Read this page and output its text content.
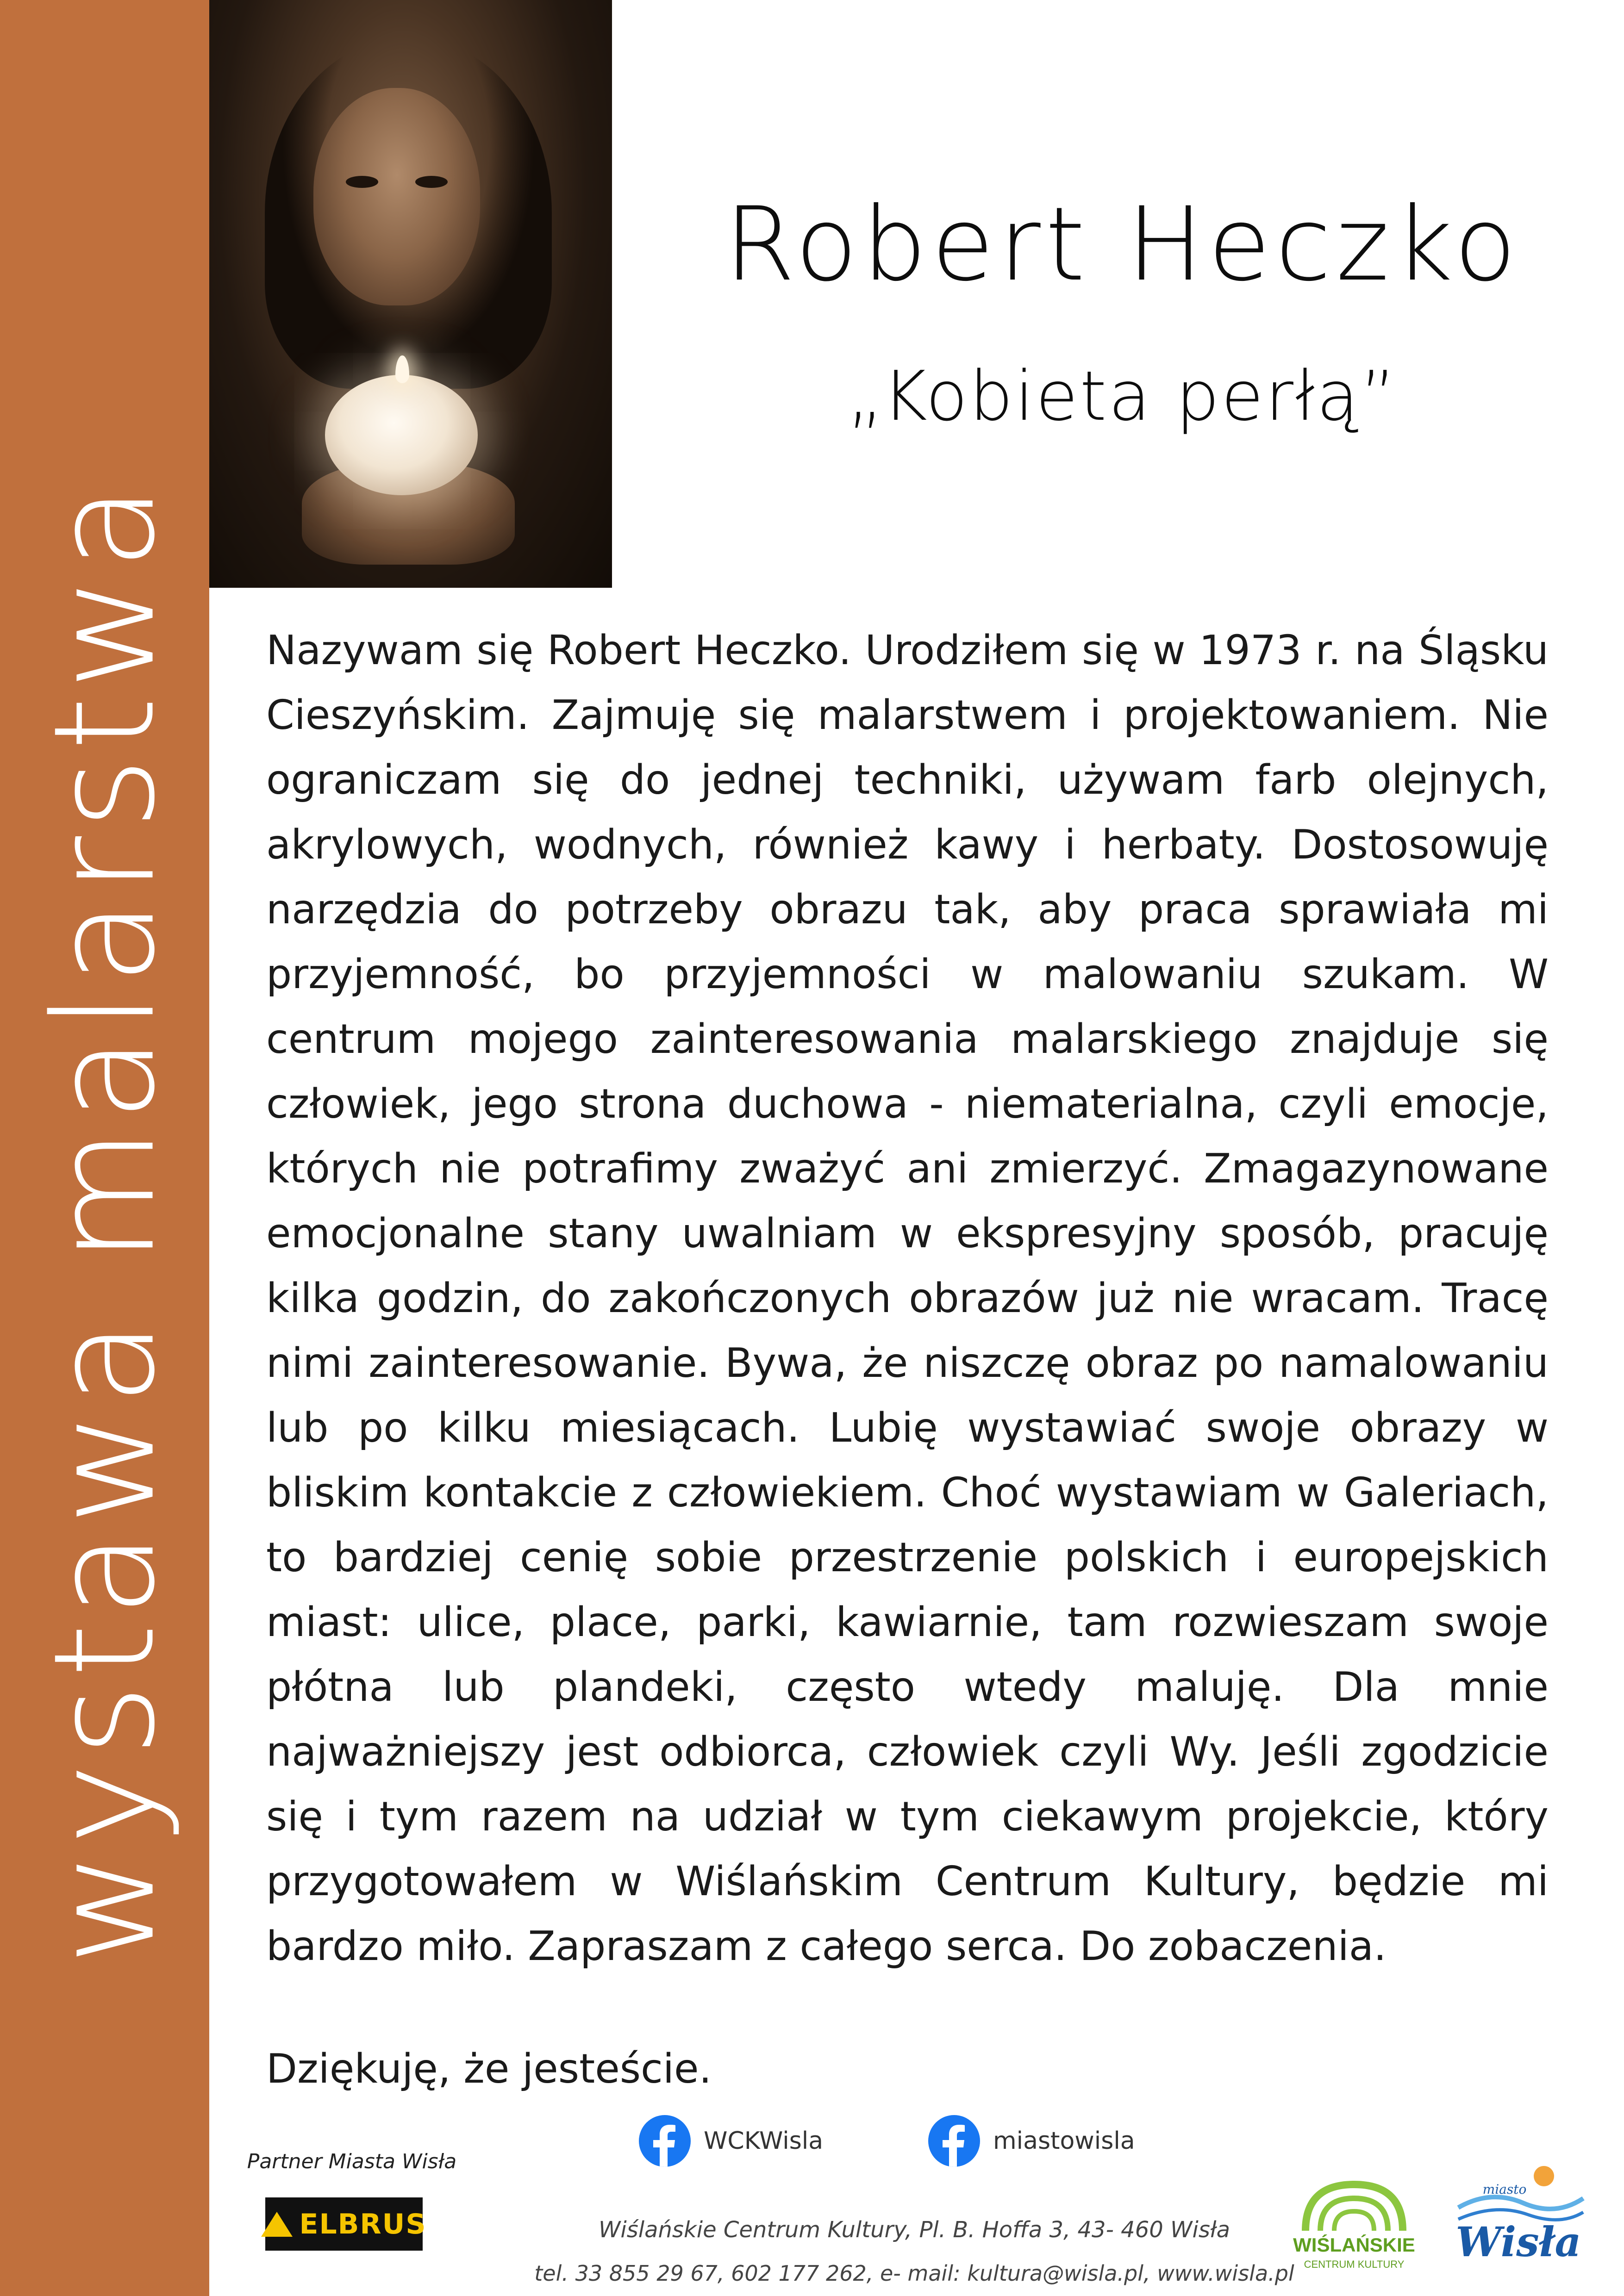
wystawa malarstwa
Robert Heczko
„Kobieta perłą”

Nazywam się Robert Heczko. Urodziłem się w 1973 r. na Śląsku Cieszyńskim. Zajmuję się malarstwem i projektowaniem. Nie ograniczam się do jednej techniki, używam farb olejnych, akrylowych, wodnych, również kawy i herbaty. Dostosowuję narzędzia do potrzeby obrazu tak, aby praca sprawiała mi przyjemność, bo przyjemności w malowaniu szukam. W centrum mojego zainteresowania malarskiego znajduje się człowiek, jego strona duchowa - niematerialna, czyli emocje, których nie potrafimy zważyć ani zmierzyć. Zmagazynowane emocjonalne stany uwalniam w ekspresyjny sposób, pracuję kilka godzin, do zakończonych obrazów już nie wracam. Tracę nimi zainteresowanie. Bywa, że niszczę obraz po namalowaniu lub po kilku miesiącach. Lubię wystawiać swoje obrazy w bliskim kontakcie z człowiekiem. Choć wystawiam w Galeriach, to bardziej cenię sobie przestrzenie polskich i europejskich miast: ulice, place, parki, kawiarnie, tam rozwieszam swoje płótna lub plandeki, często wtedy maluję. Dla mnie najważniejszy jest odbiorca, człowiek czyli Wy. Jeśli zgodzicie się i tym razem na udział w tym ciekawym projekcie, który przygotowałem w Wiślańskim Centrum Kultury, będzie mi bardzo miło. Zapraszam z całego serca. Do zobaczenia.

Dziękuję, że jesteście.

Partner Miasta Wisła
ELBRUS
WCKWisla	miastowisla
Wiślańskie Centrum Kultury, Pl. B. Hoffa 3, 43- 460 Wisła
tel. 33 855 29 67, 602 177 262, e- mail: kultura@wisla.pl, www.wisla.pl
WIŚLAŃSKIE
CENTRUM KULTURY
miasto
Wisła
